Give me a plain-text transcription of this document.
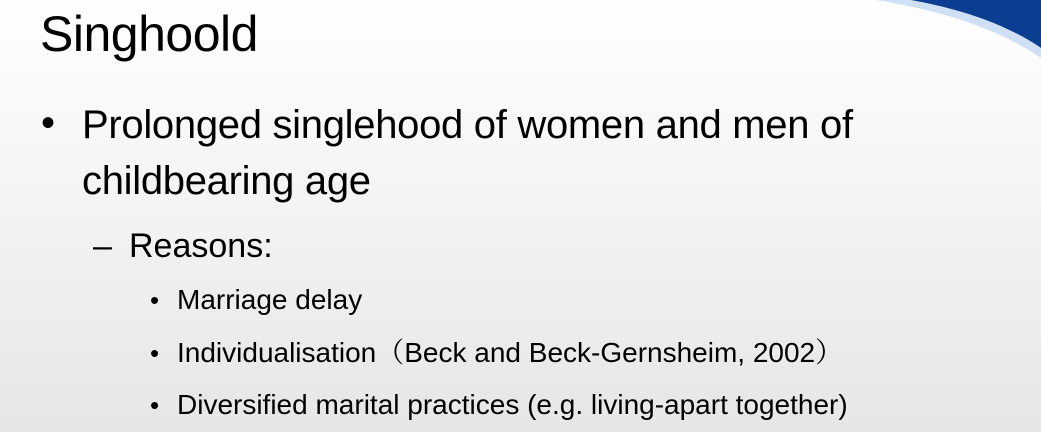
Singhoold
• Prolonged singlehood of women and men of childbearing age
– Reasons:
• Marriage delay
• Individualisation（Beck and Beck-Gernsheim, 2002）
• Diversified marital practices (e.g. living-apart together)
